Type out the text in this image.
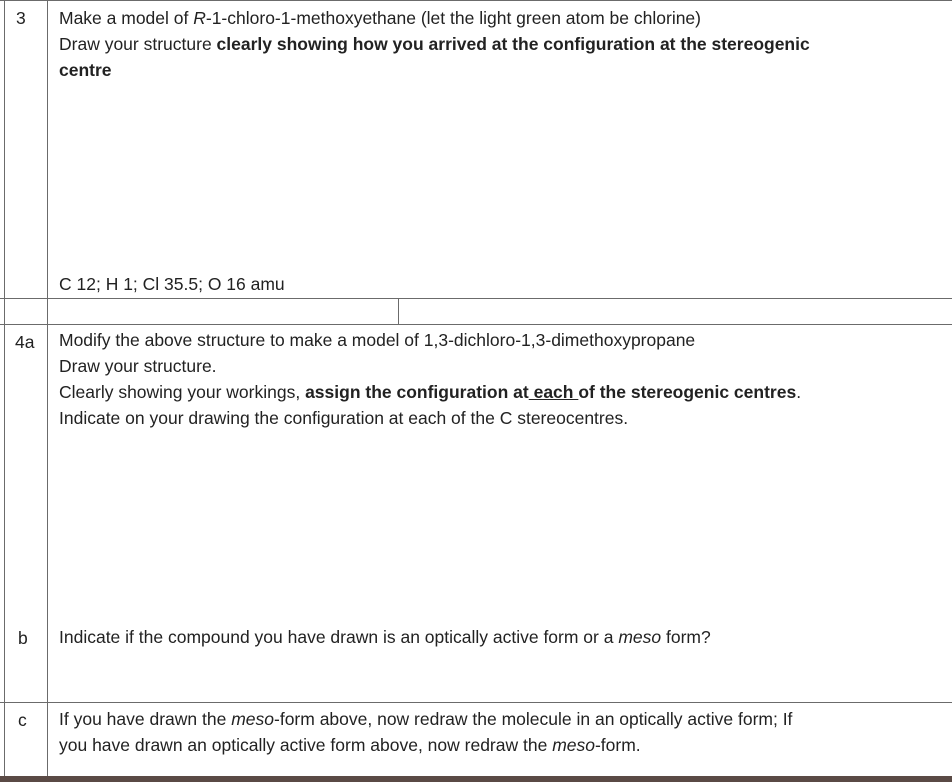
3 Make a model of R-1-chloro-1-methoxyethane (let the light green atom be chlorine)
Draw your structure clearly showing how you arrived at the configuration at the stereogenic
centre
C 12; H 1; Cl 35.5; O 16 amu
4a Modify the above structure to make a model of 1,3-dichloro-1,3-dimethoxypropane
Draw your structure.
Clearly showing your workings, assign the configuration at each of the stereogenic centres.
Indicate on your drawing the configuration at each of the C stereocentres.
b Indicate if the compound you have drawn is an optically active form or a meso form?
c If you have drawn the meso-form above, now redraw the molecule in an optically active form; If
you have drawn an optically active form above, now redraw the meso-form.
